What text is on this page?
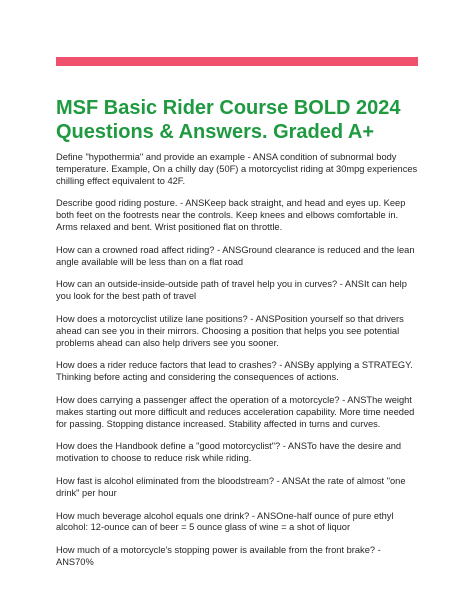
MSF Basic Rider Course BOLD 2024
Questions & Answers. Graded A+

Define "hypothermia" and provide an example - ANSA condition of subnormal body temperature. Example, On a chilly day (50F) a motorcyclist riding at 30mpg experiences chilling effect equivalent to 42F.

Describe good riding posture. - ANSKeep back straight, and head and eyes up. Keep both feet on the footrests near the controls. Keep knees and elbows comfortable in. Arms relaxed and bent. Wrist positioned flat on throttle.

How can a crowned road affect riding? - ANSGround clearance is reduced and the lean angle available will be less than on a flat road

How can an outside-inside-outside path of travel help you in curves? - ANSIt can help you look for the best path of travel

How does a motorcyclist utilize lane positions? - ANSPosition yourself so that drivers ahead can see you in their mirrors. Choosing a position that helps you see potential problems ahead can also help drivers see you sooner.

How does a rider reduce factors that lead to crashes? - ANSBy applying a STRATEGY. Thinking before acting and considering the consequences of actions.

How does carrying a passenger affect the operation of a motorcycle? - ANSThe weight makes starting out more difficult and reduces acceleration capability. More time needed for passing. Stopping distance increased. Stability affected in turns and curves.

How does the Handbook define a "good motorcyclist"? - ANSTo have the desire and motivation to choose to reduce risk while riding.

How fast is alcohol eliminated from the bloodstream? - ANSAt the rate of almost "one drink" per hour

How much beverage alcohol equals one drink? - ANSOne-half ounce of pure ethyl alcohol: 12-ounce can of beer = 5 ounce glass of wine = a shot of liquor

How much of a motorcycle's stopping power is available from the front brake? - ANS70%
